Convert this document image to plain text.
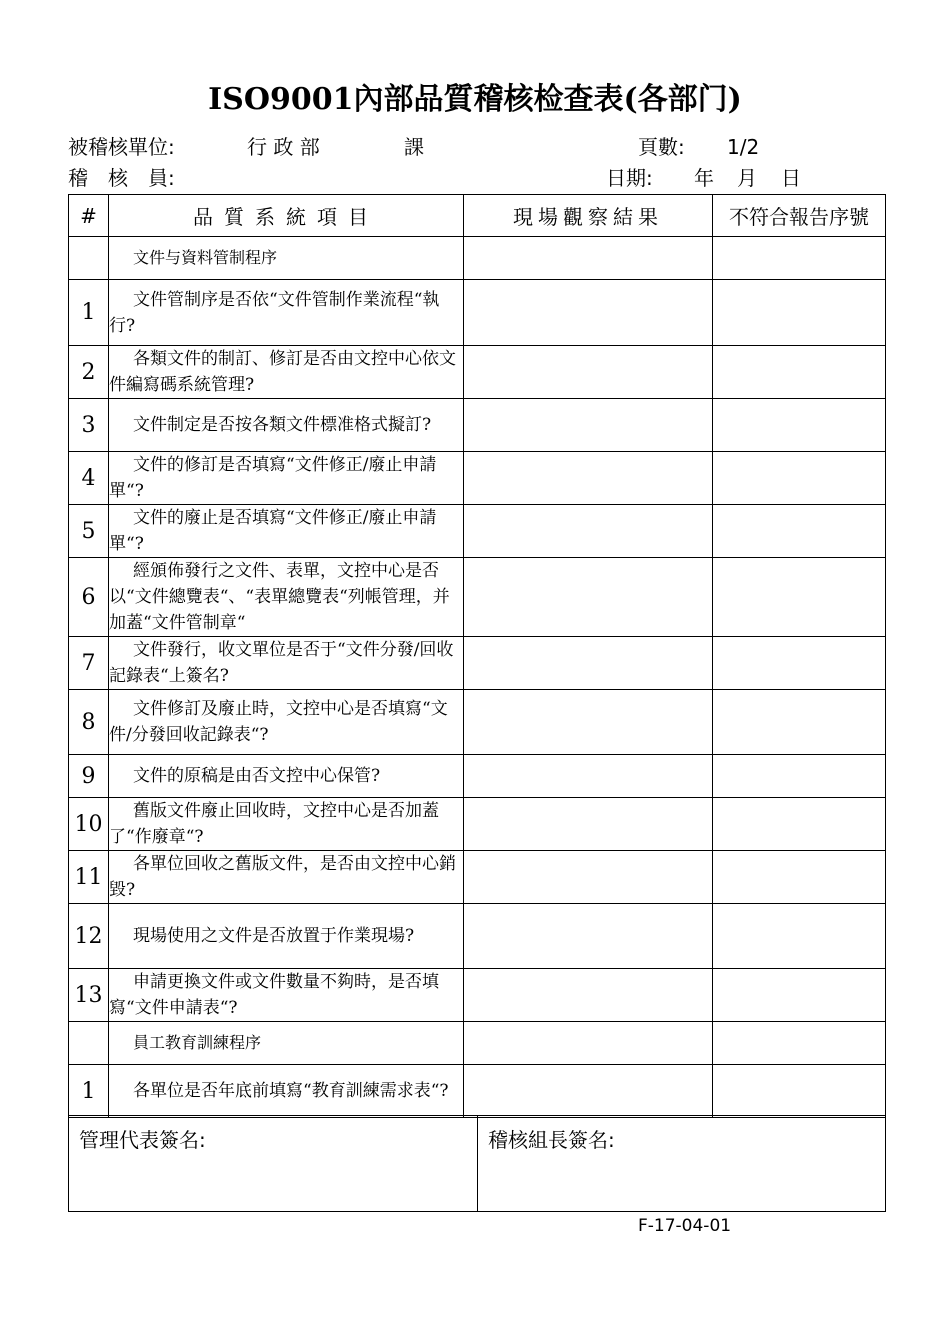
ISO9001內部品質稽核检查表(各部门)
被稽核單位:	行 政 部	課	頁數: 1/2
稽　核　員:	日期: 年 月 日
#	品質系統項目	現場觀察結果	不符合報告序號

	文件与資料管制程序		

1	文件管制序是否依“文件管制作業流程“執行?		

2	各類文件的制訂、修訂是否由文控中心依文件編寫碼系統管理?		

3	文件制定是否按各類文件標准格式擬訂?		

4	文件的修訂是否填寫“文件修正/廢止申請單“?		

5	文件的廢止是否填寫“文件修正/廢止申請單“?		

6	經頒佈發行之文件、表單，文控中心是否以“文件總覽表“、“表單總覽表“列帳管理，并加蓋“文件管制章“		

7	文件發行，收文單位是否于“文件分發/回收記錄表“上簽名?		

8	文件修訂及廢止時，文控中心是否填寫“文件/分發回收記錄表“?		

9	文件的原稿是由否文控中心保管?		

10	舊版文件廢止回收時，文控中心是否加蓋了“作廢章“?		

11	各單位回收之舊版文件，是否由文控中心銷毀?		

12	現場使用之文件是否放置于作業現場?		

13	申請更換文件或文件數量不夠時，是否填寫“文件申請表“?		

	員工教育訓練程序		

1	各單位是否年底前填寫“教育訓練需求表“?		

管理代表簽名:	稽核組長簽名:
F-17-04-01
